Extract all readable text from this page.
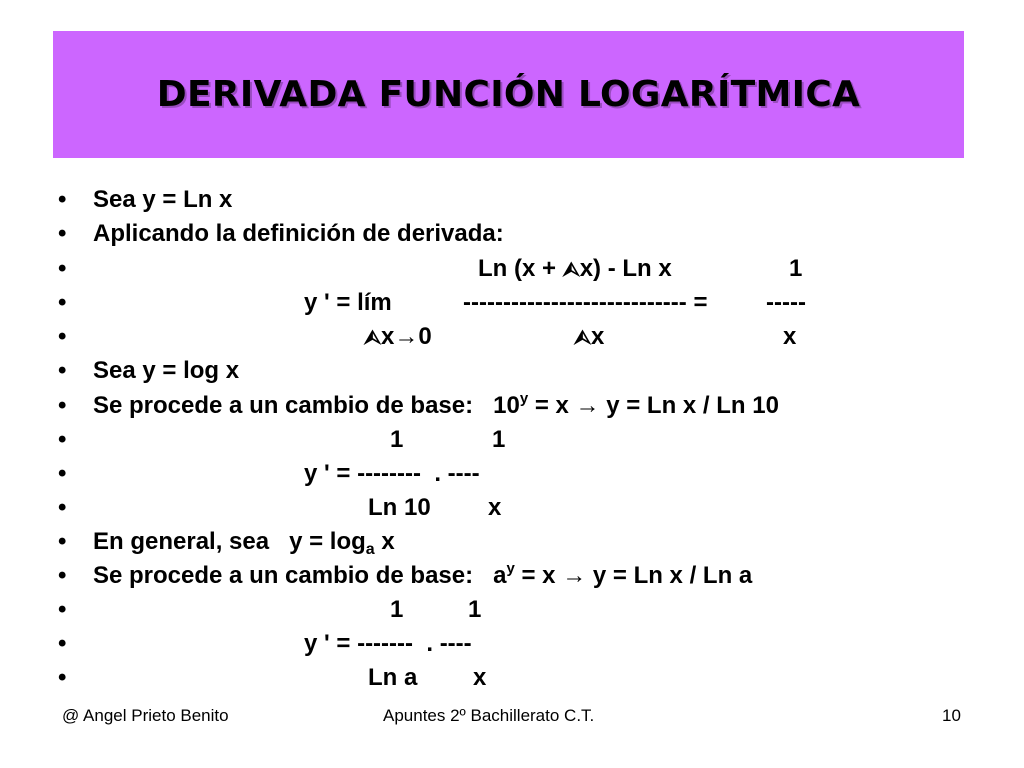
DERIVADA FUNCIÓN LOGARÍTMICA
• Sea y = Ln x
• Aplicando la definición de derivada:
•	Ln (x + ⮙x) - Ln x	1
•	y ' = lím	---------------------------- = -----
•	⮙x→0	⮙x	x
• Sea y = log x
• Se procede a un cambio de base:   $10^y = x \to y = Ln$ x / Ln 10
•	1	1
•	y ' = --------  . ----
•	Ln 10 x
• En general, sea   $y = \log_a x$
• Se procede a un cambio de base:   $a^y = x \to y = Ln$ x / Ln a
•	1	1
•	y ' = -------  . ----
•	Ln a x
@ Angel Prieto Benito	Apuntes 2º Bachillerato C.T.	10
